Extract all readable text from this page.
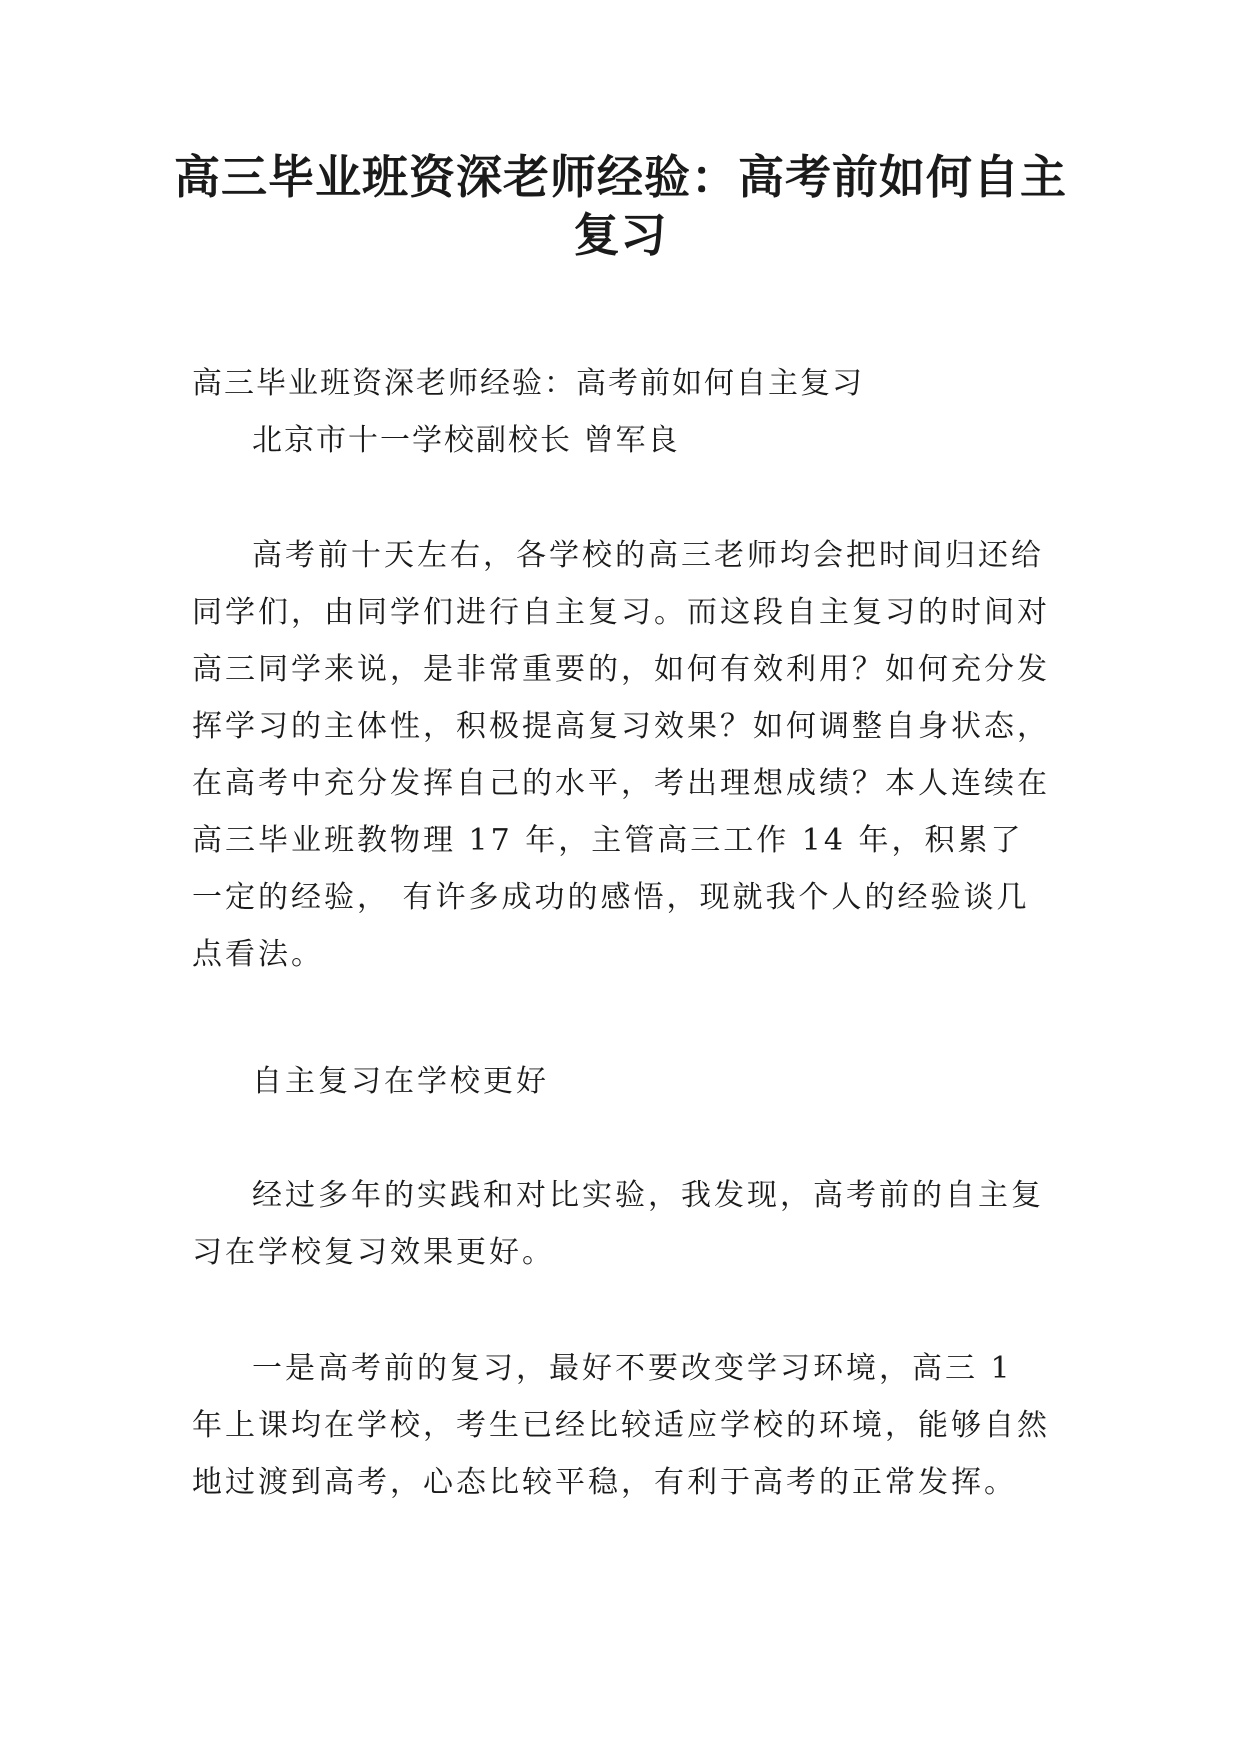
高三毕业班资深老师经验：高考前如何自主
复习

高三毕业班资深老师经验：高考前如何自主复习

北京市十一学校副校长 曾军良

高考前十天左右，各学校的高三老师均会把时间归还给同学们，由同学们进行自主复习。而这段自主复习的时间对高三同学来说，是非常重要的，如何有效利用？如何充分发挥学习的主体性，积极提高复习效果？如何调整自身状态，在高考中充分发挥自己的水平，考出理想成绩？本人连续在高三毕业班教物理 17 年，主管高三工作 14 年，积累了一定的经验， 有许多成功的感悟，现就我个人的经验谈几点看法。

自主复习在学校更好

经过多年的实践和对比实验，我发现，高考前的自主复习在学校复习效果更好。

一是高考前的复习，最好不要改变学习环境，高三 1 年上课均在学校，考生已经比较适应学校的环境，能够自然地过渡到高考，心态比较平稳，有利于高考的正常发挥。
